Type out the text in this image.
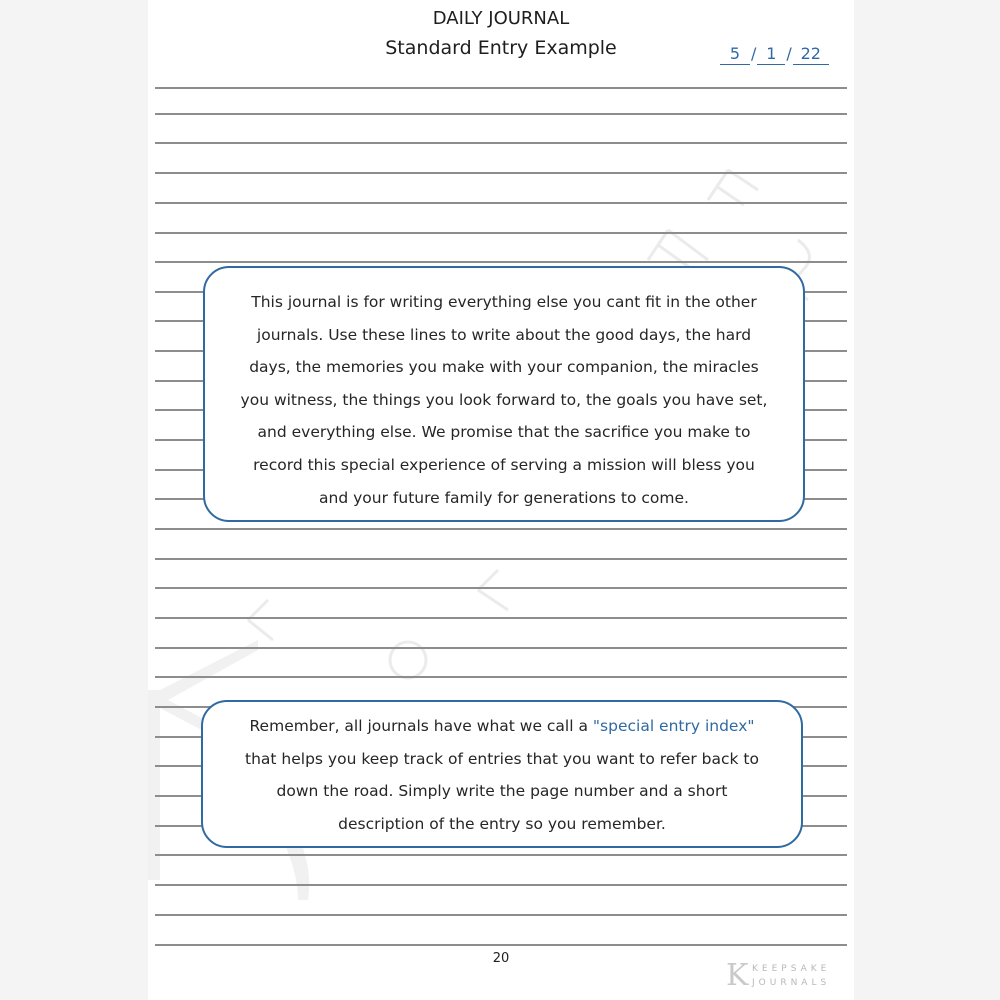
DAILY JOURNAL
Standard Entry Example	5 / 1 / 22

This journal is for writing everything else you cant fit in the other
journals. Use these lines to write about the good days, the hard
days, the memories you make with your companion, the miracles
you witness, the things you look forward to, the goals you have set,
and everything else. We promise that the sacrifice you make to
record this special experience of serving a mission will bless you
and your future family for generations to come.

Remember, all journals have what we call a "special entry index"
that helps you keep track of entries that you want to refer back to
down the road. Simply write the page number and a short
description of the entry so you remember.

20	K KEEPSAKE
JOURNALS
